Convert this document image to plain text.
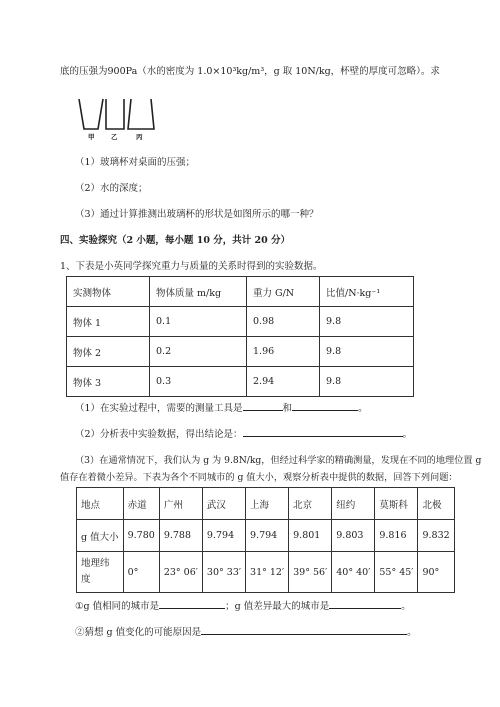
底的压强为900Pa（水的密度为 1.0×10³kg/m³，g 取 10N/kg，杯壁的厚度可忽略）。求
甲	乙	丙
（1）玻璃杯对桌面的压强；
（2）水的深度；
（3）通过计算推测出玻璃杯的形状是如图所示的哪一种？
四、实验探究（2 小题，每小题 10 分，共计 20 分）
1、下表是小英同学探究重力与质量的关系时得到的实验数据。
实测物体	物体质量 m/kg	重力 G/N	比值/N·kg⁻¹
物体 1	0.1	0.98	9.8
物体 2	0.2	1.96	9.8
物体 3	0.3	2.94	9.8
（1）在实验过程中，需要的测量工具是	和	。
（2）分析表中实验数据，得出结论是：	。
（3）在通常情况下，我们认为 g 为 9.8N/kg，但经过科学家的精确测量，发现在不同的地理位置 g
值存在着微小差异。下表为各个不同城市的 g 值大小，观察分析表中提供的数据，回答下列问题：
地点	赤道	广州	武汉	上海	北京	纽约	莫斯科	北极
g 值大小	9.780	9.788	9.794	9.794	9.801	9.803	9.816	9.832

地理纬
度	0°	23° 06′	30° 33′	31° 12′	39° 56′	40° 40′	55° 45′	90°
①g 值相同的城市是	；g 值差异最大的城市是	。
②猜想 g 值变化的可能原因是	。
